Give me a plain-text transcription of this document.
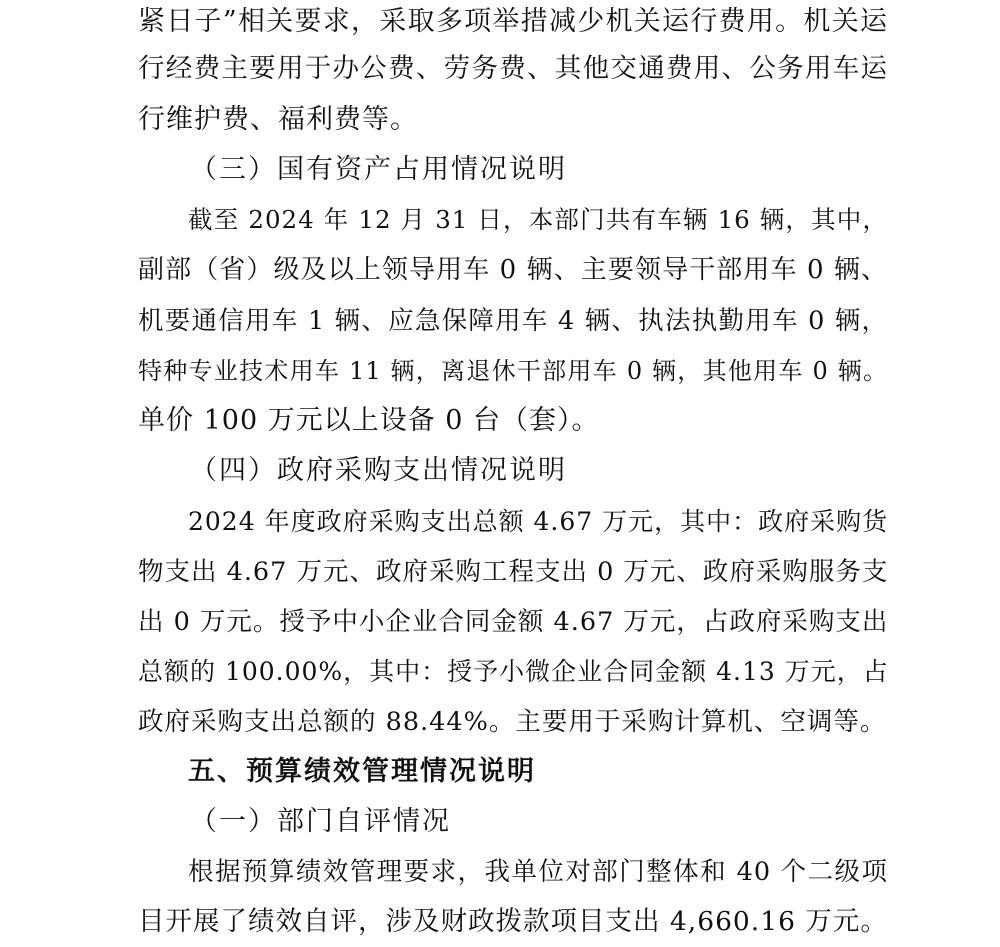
紧日子”相关要求，采取多项举措减少机关运行费用。机关运
行经费主要用于办公费、劳务费、其他交通费用、公务用车运
行维护费、福利费等。
（三）国有资产占用情况说明
截至 2024 年 12 月 31 日，本部门共有车辆 16 辆，其中，
副部（省）级及以上领导用车 0 辆、主要领导干部用车 0 辆、
机要通信用车 1 辆、应急保障用车 4 辆、执法执勤用车 0 辆，
特种专业技术用车 11 辆，离退休干部用车 0 辆，其他用车 0 辆。
单价 100 万元以上设备 0 台（套）。
（四）政府采购支出情况说明
2024 年度政府采购支出总额 4.67 万元，其中：政府采购货
物支出 4.67 万元、政府采购工程支出 0 万元、政府采购服务支
出 0 万元。授予中小企业合同金额 4.67 万元，占政府采购支出
总额的 100.00%，其中：授予小微企业合同金额 4.13 万元，占
政府采购支出总额的 88.44%。主要用于采购计算机、空调等。
五、预算绩效管理情况说明
（一）部门自评情况
根据预算绩效管理要求，我单位对部门整体和 40 个二级项
目开展了绩效自评，涉及财政拨款项目支出 4,660.16 万元。
